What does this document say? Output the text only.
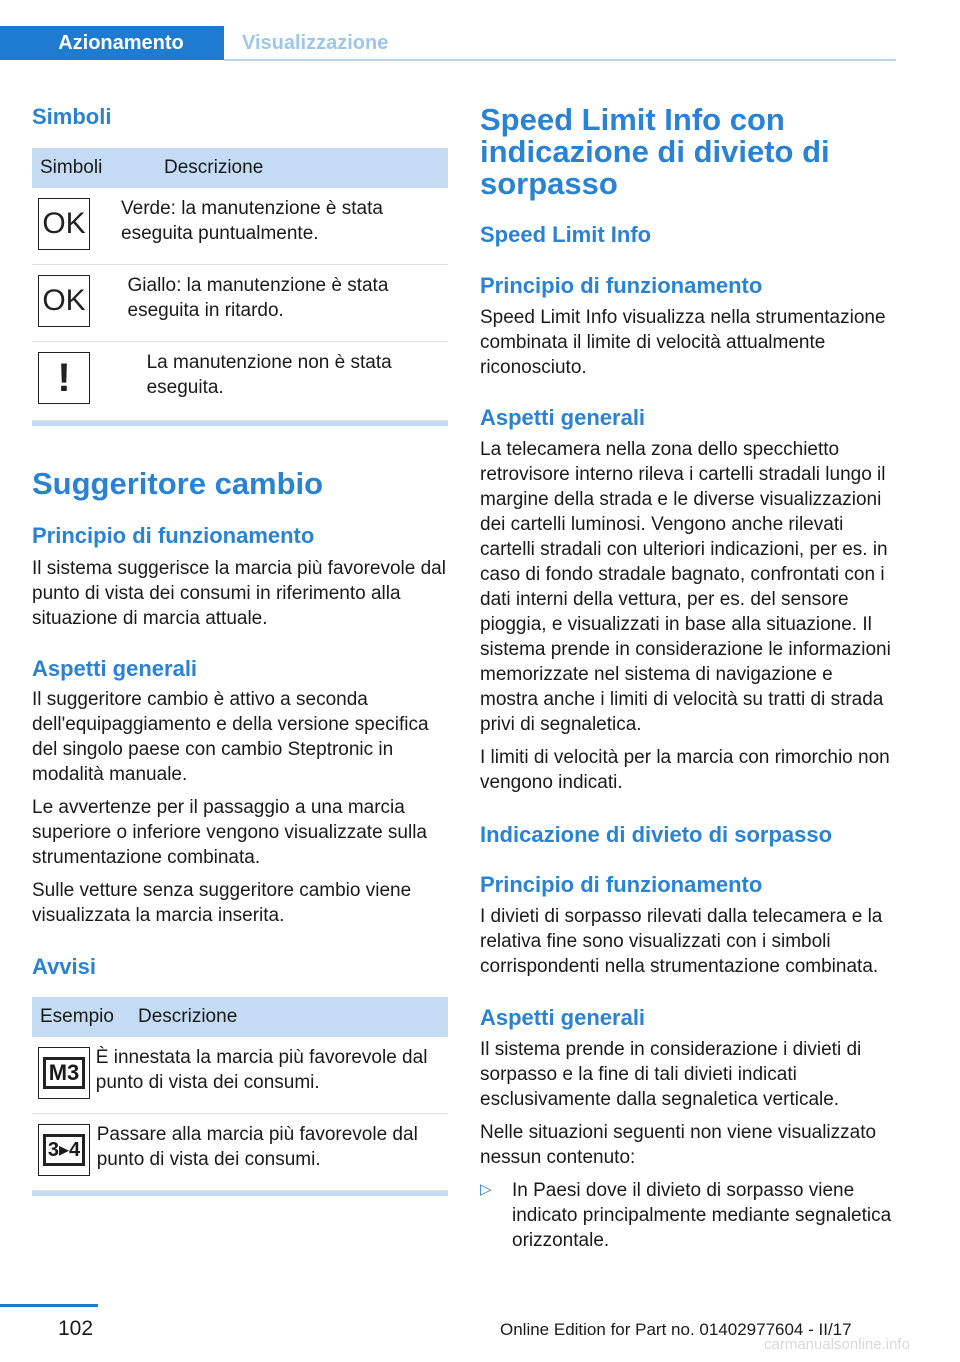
Azionamento	Visualizzazione
Simboli
Simboli	Descrizione
OK Verde: la manutenzione è stata eseguita puntualmente.
OK Giallo: la manutenzione è stata eseguita in ritardo.
!	La manutenzione non è stata eseguita.
Suggeritore cambio
Principio di funzionamento

Il sistema suggerisce la marcia più favorevole dal punto di vista dei consumi in riferimento alla situazione di marcia attuale.

Aspetti generali

Il suggeritore cambio è attivo a seconda dell'equipaggiamento e della versione specifica del singolo paese con cambio Steptronic in modalità manuale.

Le avvertenze per il passaggio a una marcia superiore o inferiore vengono visualizzate sulla strumentazione combinata.

Sulle vetture senza suggeritore cambio viene visualizzata la marcia inserita.

Avvisi
Esempio	Descrizione
M3
È innestata la marcia più favorevole dal punto di vista dei consumi.
3▸4
Passare alla marcia più favorevole dal punto di vista dei consumi.
Speed Limit Info con indicazione di divieto di sorpasso
Speed Limit Info
Principio di funzionamento

Speed Limit Info visualizza nella strumentazione combinata il limite di velocità attualmente riconosciuto.

Aspetti generali

La telecamera nella zona dello specchietto retrovisore interno rileva i cartelli stradali lungo il margine della strada e le diverse visualizzazioni dei cartelli luminosi. Vengono anche rilevati cartelli stradali con ulteriori indicazioni, per es. in caso di fondo stradale bagnato, confrontati con i dati interni della vettura, per es. del sensore pioggia, e visualizzati in base alla situazione. Il sistema prende in considerazione le informazioni memorizzate nel sistema di navigazione e mostra anche i limiti di velocità su tratti di strada privi di segnaletica.

I limiti di velocità per la marcia con rimorchio non vengono indicati.

Indicazione di divieto di sorpasso
Principio di funzionamento

I divieti di sorpasso rilevati dalla telecamera e la relativa fine sono visualizzati con i simboli corrispondenti nella strumentazione combinata.

Aspetti generali

Il sistema prende in considerazione i divieti di sorpasso e la fine di tali divieti indicati esclusivamente dalla segnaletica verticale.

Nelle situazioni seguenti non viene visualizzato nessun contenuto:

▷	In Paesi dove il divieto di sorpasso viene indicato principalmente mediante segnaletica orizzontale.

102	Online Edition for Part no. 01402977604 - II/17
carmanualsonline.info
